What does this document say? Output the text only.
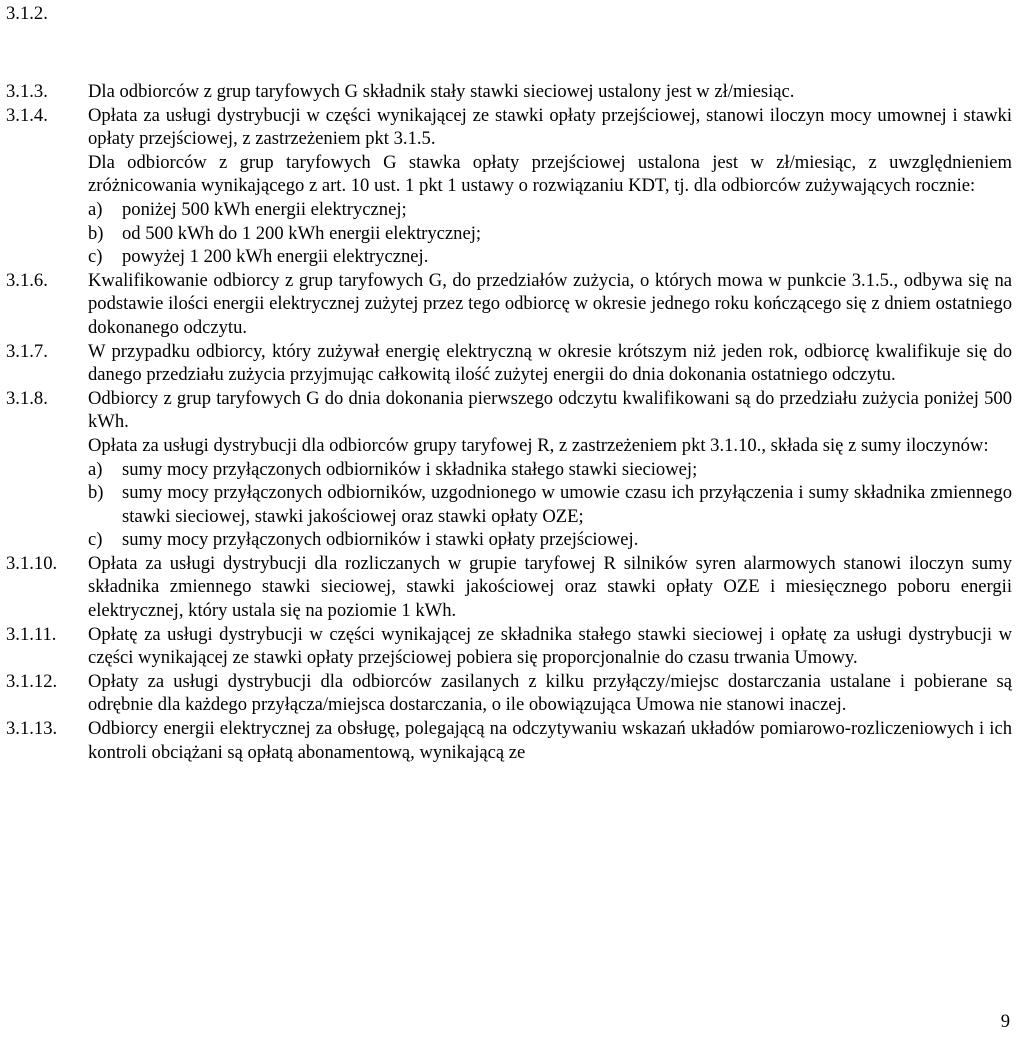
3.1.2.
3.1.3.	Dla odbiorców z grup taryfowych G składnik stały stawki sieciowej ustalony jest w zł/miesiąc.
3.1.4.	Opłata za usługi dystrybucji w części wynikającej ze stawki opłaty przejściowej, stanowi iloczyn mocy umownej i stawki opłaty przejściowej, z zastrzeżeniem pkt 3.1.5.
Dla odbiorców z grup taryfowych G stawka opłaty przejściowej ustalona jest w zł/miesiąc, z uwzględnieniem zróżnicowania wynikającego z art. 10 ust. 1 pkt 1 ustawy o rozwiązaniu KDT, tj. dla odbiorców zużywających rocznie:
a)	poniżej 500 kWh energii elektrycznej;
b) od 500 kWh do 1 200 kWh energii elektrycznej;
c)	powyżej 1 200 kWh energii elektrycznej.
3.1.6.	Kwalifikowanie odbiorcy z grup taryfowych G, do przedziałów zużycia, o których mowa w punkcie 3.1.5., odbywa się na podstawie ilości energii elektrycznej zużytej przez tego odbiorcę w okresie jednego roku kończącego się z dniem ostatniego dokonanego odczytu.
3.1.7.	W przypadku odbiorcy, który zużywał energię elektryczną w okresie krótszym niż jeden rok, odbiorcę kwalifikuje się do danego przedziału zużycia przyjmując całkowitą ilość zużytej energii do dnia dokonania ostatniego odczytu.
3.1.8.	Odbiorcy z grup taryfowych G do dnia dokonania pierwszego odczytu kwalifikowani są do przedziału zużycia poniżej 500 kWh.
Opłata za usługi dystrybucji dla odbiorców grupy taryfowej R, z zastrzeżeniem pkt 3.1.10., składa się z sumy iloczynów:
a)	sumy mocy przyłączonych odbiorników i składnika stałego stawki sieciowej;
b) sumy mocy przyłączonych odbiorników, uzgodnionego w umowie czasu ich przyłączenia i sumy składnika zmiennego stawki sieciowej, stawki jakościowej oraz stawki opłaty OZE;
c)	sumy mocy przyłączonych odbiorników i stawki opłaty przejściowej.
3.1.10.	Opłata za usługi dystrybucji dla rozliczanych w grupie taryfowej R silników syren alarmowych stanowi iloczyn sumy składnika zmiennego stawki sieciowej, stawki jakościowej oraz stawki opłaty OZE i miesięcznego poboru energii elektrycznej, który ustala się na poziomie 1 kWh.
3.1.11.	Opłatę za usługi dystrybucji w części wynikającej ze składnika stałego stawki sieciowej i opłatę za usługi dystrybucji w części wynikającej ze stawki opłaty przejściowej pobiera się proporcjonalnie do czasu trwania Umowy.
3.1.12.	Opłaty za usługi dystrybucji dla odbiorców zasilanych z kilku przyłączy/miejsc dostarczania ustalane i pobierane są odrębnie dla każdego przyłącza/miejsca dostarczania, o ile obowiązująca Umowa nie stanowi inaczej.
3.1.13.	Odbiorcy energii elektrycznej za obsługę, polegającą na odczytywaniu wskazań układów pomiarowo-rozliczeniowych i ich kontroli obciążani są opłatą abonamentową, wynikającą ze
9
